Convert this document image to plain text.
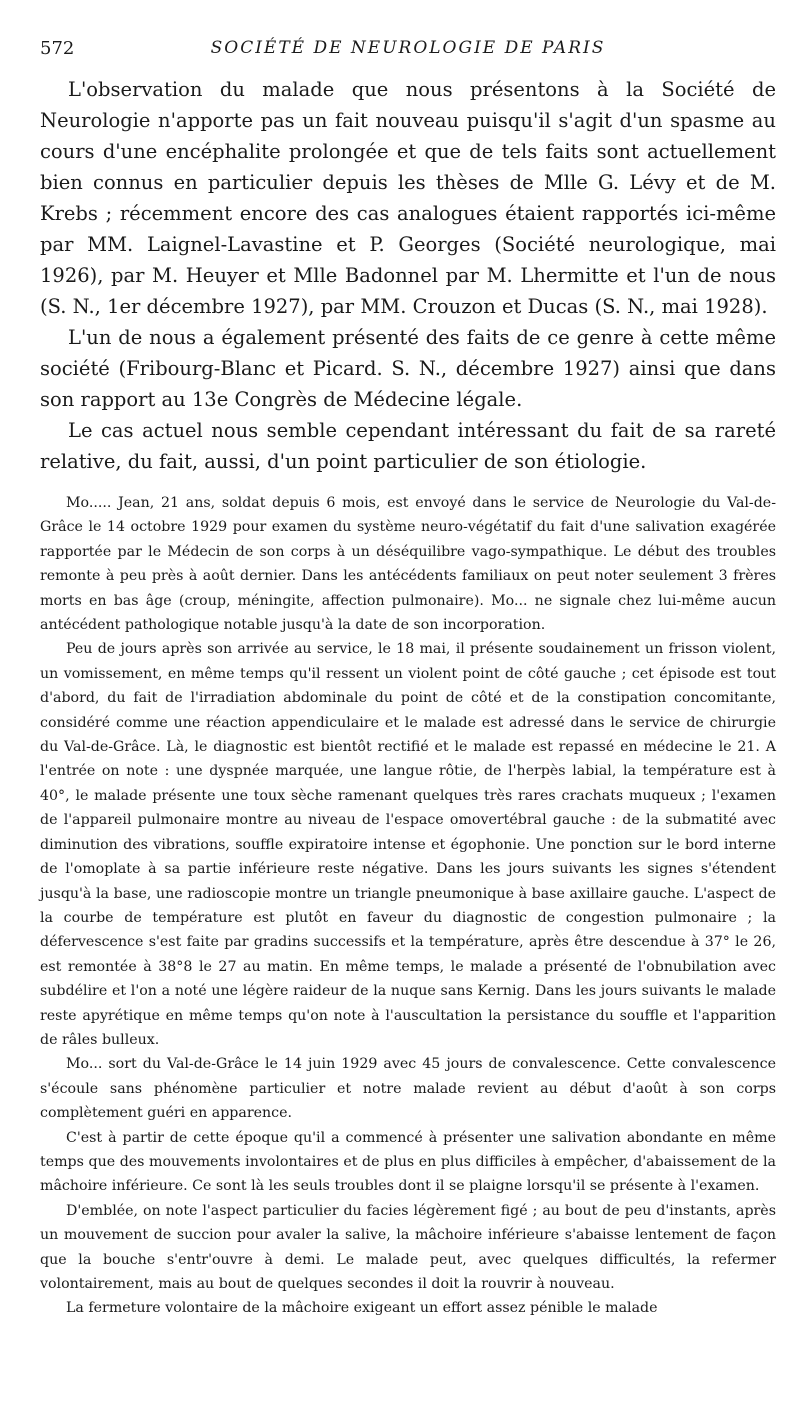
572	SOCIÉTÉ DE NEUROLOGIE DE PARIS

L'observation du malade que nous présentons à la Société de Neurologie n'apporte pas un fait nouveau puisqu'il s'agit d'un spasme au cours d'une encéphalite prolongée et que de tels faits sont actuellement bien connus en particulier depuis les thèses de Mlle G. Lévy et de M. Krebs ; récemment encore des cas analogues étaient rapportés ici-même par MM. Laignel-Lavastine et P. Georges (Société neurologique, mai 1926), par M. Heuyer et Mlle Badonnel par M. Lhermitte et l'un de nous (S. N., 1er décembre 1927), par MM. Crouzon et Ducas (S. N., mai 1928).

L'un de nous a également présenté des faits de ce genre à cette même société (Fribourg-Blanc et Picard. S. N., décembre 1927) ainsi que dans son rapport au 13e Congrès de Médecine légale.

Le cas actuel nous semble cependant intéressant du fait de sa rareté relative, du fait, aussi, d'un point particulier de son étiologie.

Mo..... Jean, 21 ans, soldat depuis 6 mois, est envoyé dans le service de Neurologie du Val-de-Grâce le 14 octobre 1929 pour examen du système neuro-végétatif du fait d'une salivation exagérée rapportée par le Médecin de son corps à un déséquilibre vago-sympathique. Le début des troubles remonte à peu près à août dernier. Dans les antécédents familiaux on peut noter seulement 3 frères morts en bas âge (croup, méningite, affection pulmonaire). Mo... ne signale chez lui-même aucun antécédent pathologique notable jusqu'à la date de son incorporation.

Peu de jours après son arrivée au service, le 18 mai, il présente soudainement un frisson violent, un vomissement, en même temps qu'il ressent un violent point de côté gauche ; cet épisode est tout d'abord, du fait de l'irradiation abdominale du point de côté et de la constipation concomitante, considéré comme une réaction appendiculaire et le malade est adressé dans le service de chirurgie du Val-de-Grâce. Là, le diagnostic est bientôt rectifié et le malade est repassé en médecine le 21. A l'entrée on note : une dyspnée marquée, une langue rôtie, de l'herpès labial, la température est à 40°, le malade présente une toux sèche ramenant quelques très rares crachats muqueux ; l'examen de l'appareil pulmonaire montre au niveau de l'espace omovertébral gauche : de la submatité avec diminution des vibrations, souffle expiratoire intense et égophonie. Une ponction sur le bord interne de l'omoplate à sa partie inférieure reste négative. Dans les jours suivants les signes s'étendent jusqu'à la base, une radioscopie montre un triangle pneumonique à base axillaire gauche. L'aspect de la courbe de température est plutôt en faveur du diagnostic de congestion pulmonaire ; la défervescence s'est faite par gradins successifs et la température, après être descendue à 37° le 26, est remontée à 38°8 le 27 au matin. En même temps, le malade a présenté de l'obnubilation avec subdélire et l'on a noté une légère raideur de la nuque sans Kernig. Dans les jours suivants le malade reste apyrétique en même temps qu'on note à l'auscultation la persistance du souffle et l'apparition de râles bulleux.

Mo... sort du Val-de-Grâce le 14 juin 1929 avec 45 jours de convalescence. Cette convalescence s'écoule sans phénomène particulier et notre malade revient au début d'août à son corps complètement guéri en apparence.

C'est à partir de cette époque qu'il a commencé à présenter une salivation abondante en même temps que des mouvements involontaires et de plus en plus difficiles à empêcher, d'abaissement de la mâchoire inférieure. Ce sont là les seuls troubles dont il se plaigne lorsqu'il se présente à l'examen.

D'emblée, on note l'aspect particulier du facies légèrement figé ; au bout de peu d'instants, après un mouvement de succion pour avaler la salive, la mâchoire inférieure s'abaisse lentement de façon que la bouche s'entr'ouvre à demi. Le malade peut, avec quelques difficultés, la refermer volontairement, mais au bout de quelques secondes il doit la rouvrir à nouveau.

La fermeture volontaire de la mâchoire exigeant un effort assez pénible le malade
